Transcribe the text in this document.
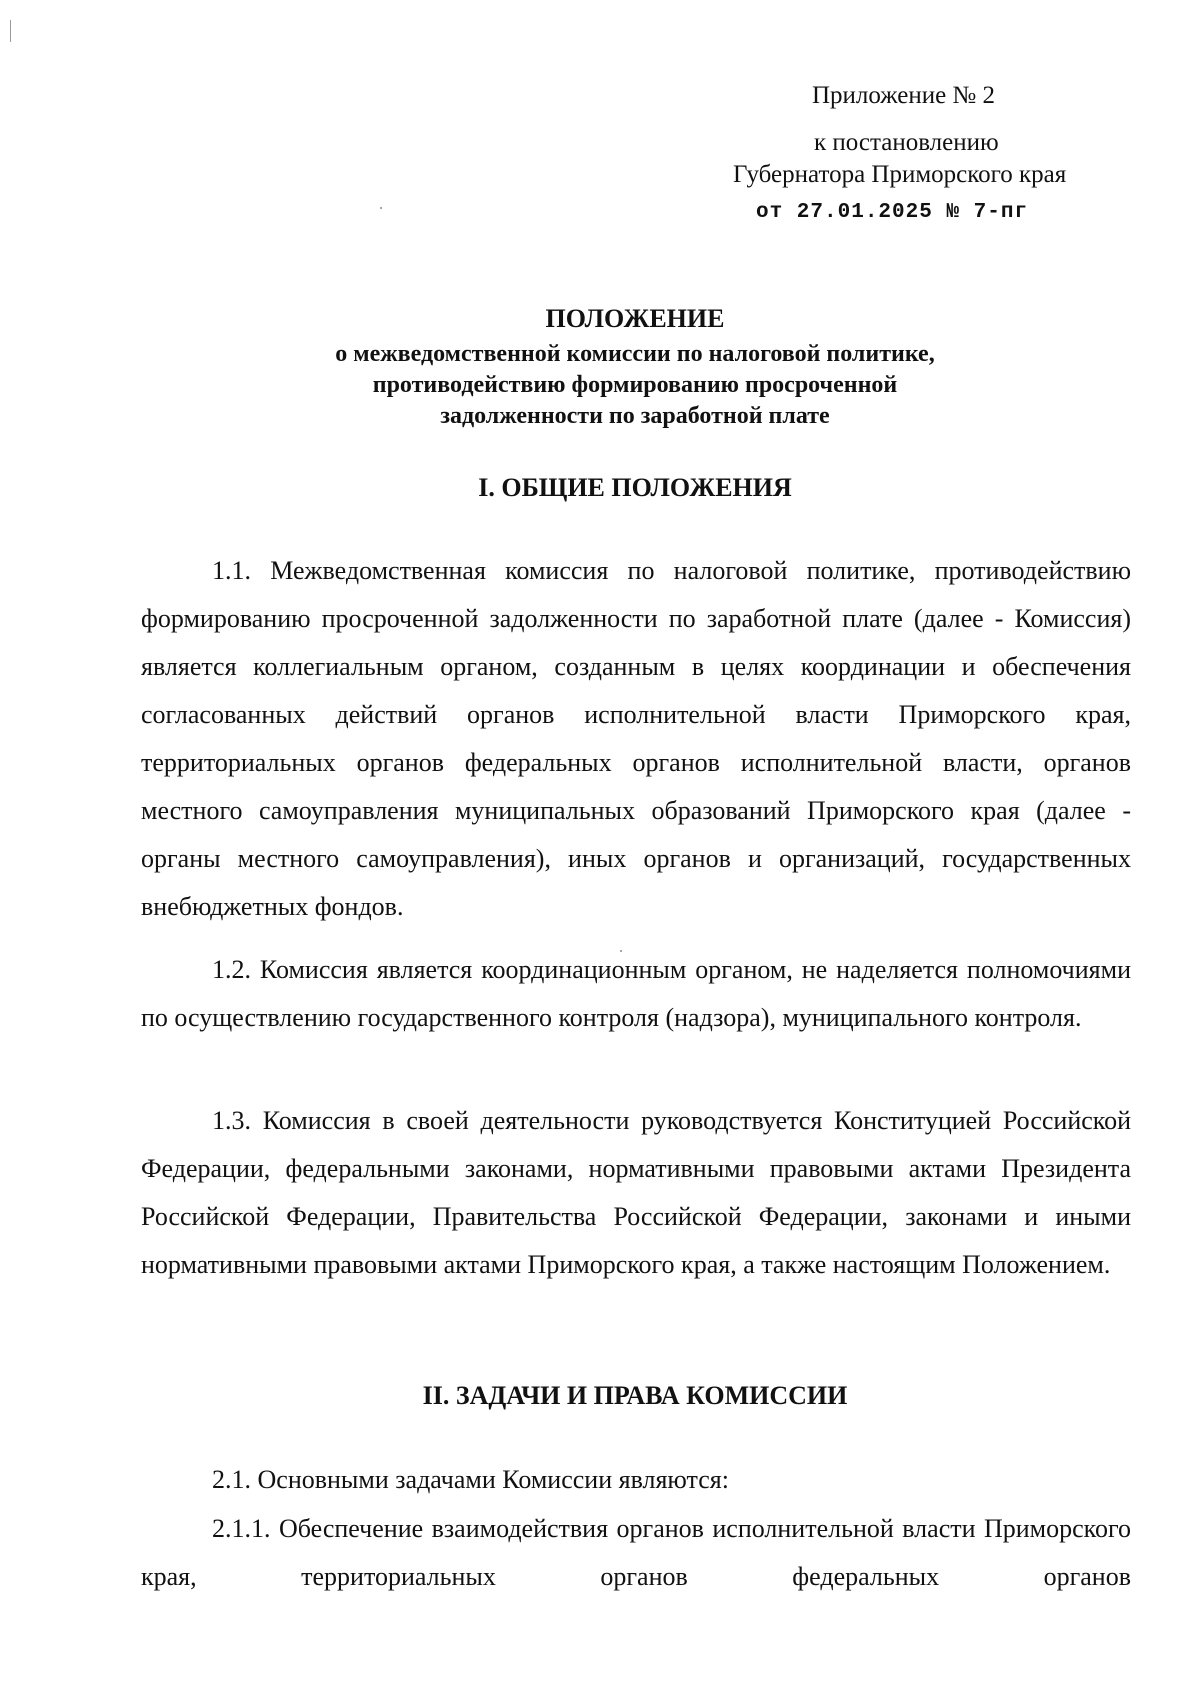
Приложение № 2
к постановлению
Губернатора Приморского края
от 27.01.2025 № 7-пг
ПОЛОЖЕНИЕ
о межведомственной комиссии по налоговой политике,
противодействию формированию просроченной
задолженности по заработной плате
I. ОБЩИЕ ПОЛОЖЕНИЯ
1.1. Межведомственная комиссия по налоговой политике, противодействию формированию просроченной задолженности по заработной плате (далее - Комиссия) является коллегиальным органом, созданным в целях координации и обеспечения согласованных действий органов исполнительной власти Приморского края, территориальных органов федеральных органов исполнительной власти, органов местного самоуправления муниципальных образований Приморского края (далее - органы местного самоуправления), иных органов и организаций, государственных внебюджетных фондов.
1.2. Комиссия является координационным органом, не наделяется полномочиями по осуществлению государственного контроля (надзора), муниципального контроля.
1.3. Комиссия в своей деятельности руководствуется Конституцией Российской Федерации, федеральными законами, нормативными правовыми актами Президента Российской Федерации, Правительства Российской Федерации, законами и иными нормативными правовыми актами Приморского края, а также настоящим Положением.
II. ЗАДАЧИ И ПРАВА КОМИССИИ
2.1. Основными задачами Комиссии являются:
2.1.1. Обеспечение взаимодействия органов исполнительной власти Приморского края, территориальных органов федеральных органов
